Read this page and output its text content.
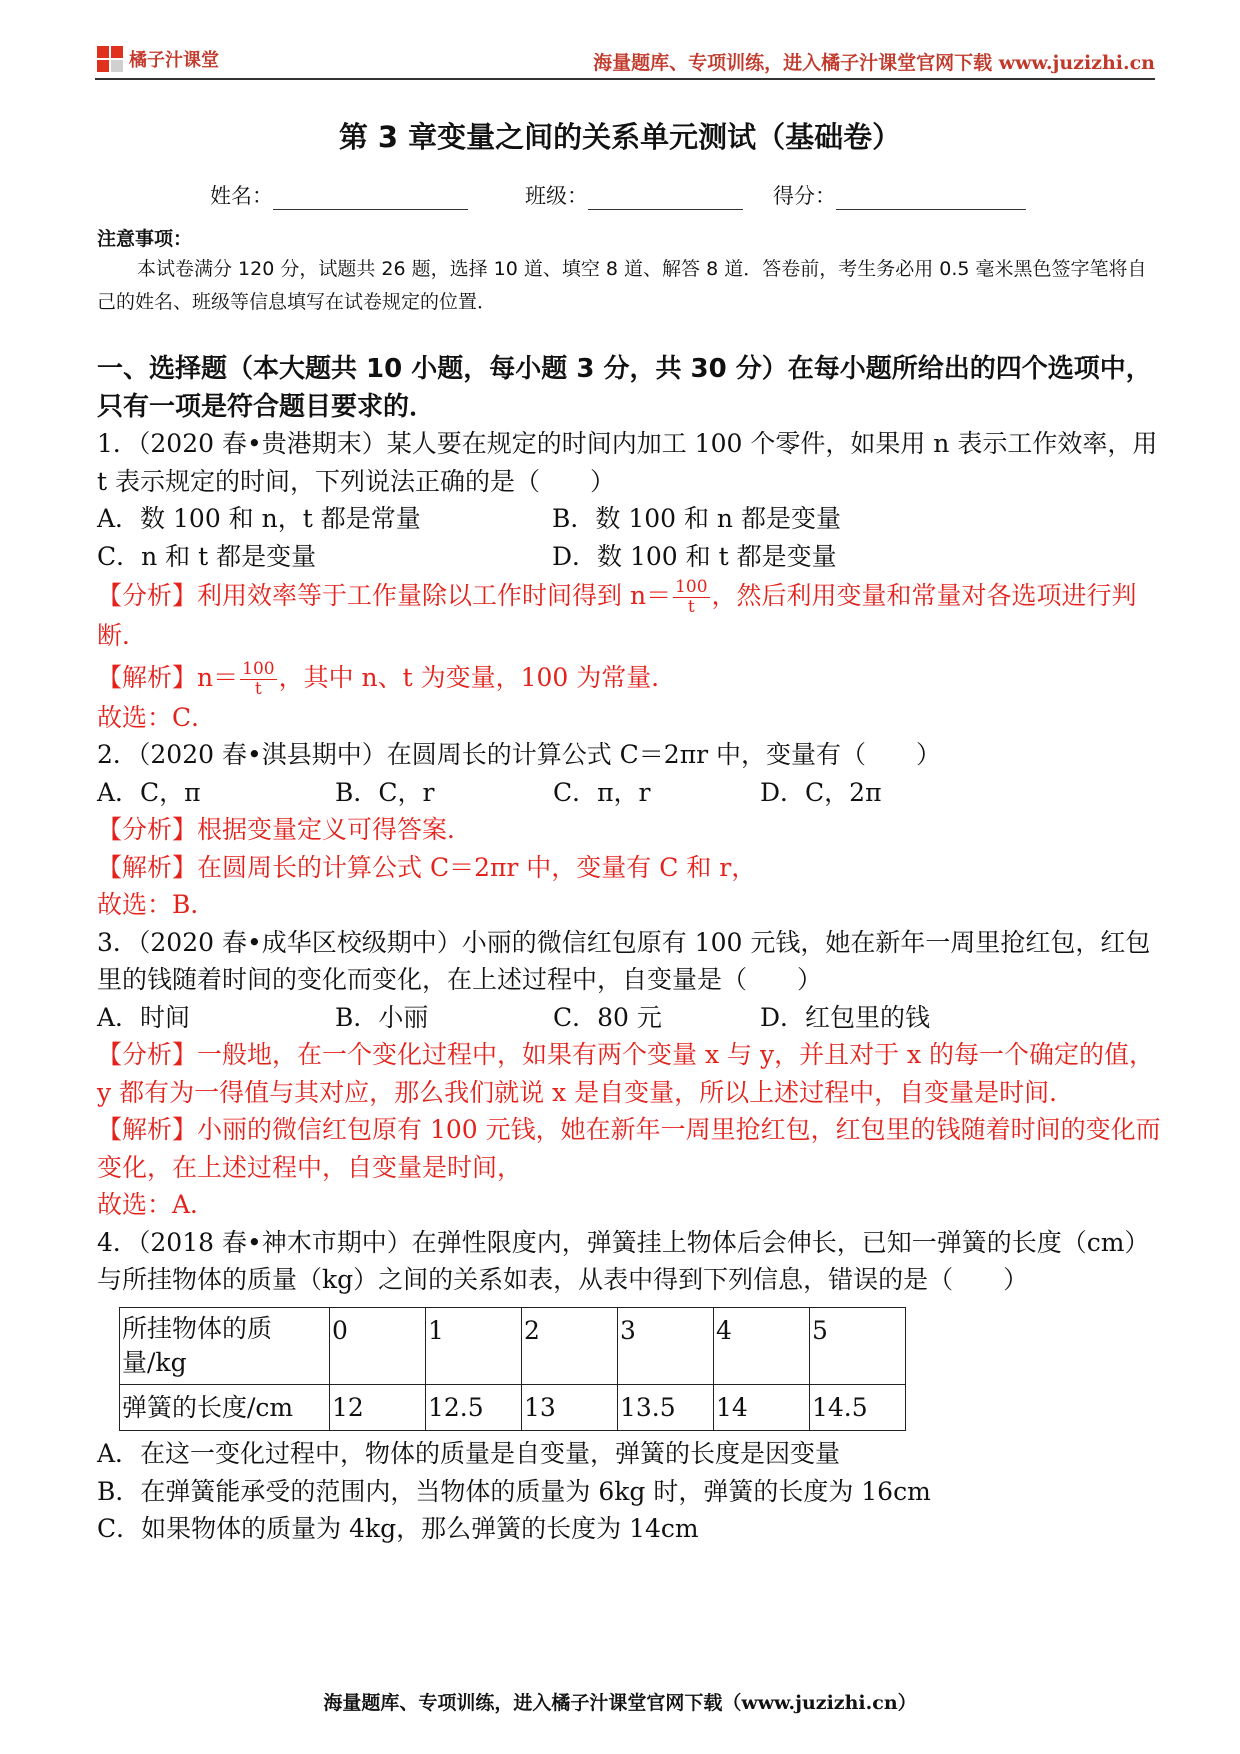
橘子汁课堂	海量题库、专项训练，进入橘子汁课堂官网下载 www.juzizhi.cn
第 3 章变量之间的关系单元测试（基础卷）
姓名：	班级：	得分：
注意事项：
本试卷满分 120 分，试题共 26 题，选择 10 道、填空 8 道、解答 8 道．答卷前，考生务必用 0.5 毫米黑色签字笔将自己的姓名、班级等信息填写在试卷规定的位置．
一、选择题（本大题共 10 小题，每小题 3 分，共 30 分）在每小题所给出的四个选项中，只有一项是符合题目要求的．

1．（2020 春•贵港期末）某人要在规定的时间内加工 100 个零件，如果用 n 表示工作效率，用 t 表示规定的时间，下列说法正确的是（　　）

A．数 100 和 n，t 都是常量	B．数 100 和 n 都是变量
C．n 和 t 都是变量	D．数 100 和 t 都是变量

【分析】利用效率等于工作量除以工作时间得到 $n= \frac{100}{t}$ ，然后利用变量和常量对各选项进行判断．

【解析】$n= \frac{100}{t}$ ，其中 n、t 为变量，100 为常量．

故选：C．

2．（2020 春•淇县期中）在圆周长的计算公式 C＝2πr 中，变量有（　　）

A．C，π	B．C，r	C．π，r	D．C，2π

【分析】根据变量定义可得答案．

【解析】在圆周长的计算公式 C＝2πr 中，变量有 C 和 r，

故选：B．

3．（2020 春•成华区校级期中）小丽的微信红包原有 100 元钱，她在新年一周里抢红包，红包里的钱随着时间的变化而变化，在上述过程中，自变量是（　　）

A．时间	B．小丽	C．80 元	D．红包里的钱

【分析】一般地，在一个变化过程中，如果有两个变量 x 与 y，并且对于 x 的每一个确定的值，y 都有为一得值与其对应，那么我们就说 x 是自变量，所以上述过程中，自变量是时间．

【解析】小丽的微信红包原有 100 元钱，她在新年一周里抢红包，红包里的钱随着时间的变化而变化，在上述过程中，自变量是时间，

故选：A．

4．（2018 春•神木市期中）在弹性限度内，弹簧挂上物体后会伸长，已知一弹簧的长度（cm）与所挂物体的质量（kg）之间的关系如表，从表中得到下列信息，错误的是（　　）

所挂物体的质量/kg	0	1	2	3	4	5
弹簧的长度/cm	12	12.5	13	13.5	14	14.5

A．在这一变化过程中，物体的质量是自变量，弹簧的长度是因变量

B．在弹簧能承受的范围内，当物体的质量为 6kg 时，弹簧的长度为 16cm

C．如果物体的质量为 4kg，那么弹簧的长度为 14cm

海量题库、专项训练，进入橘子汁课堂官网下载（www.juzizhi.cn）
